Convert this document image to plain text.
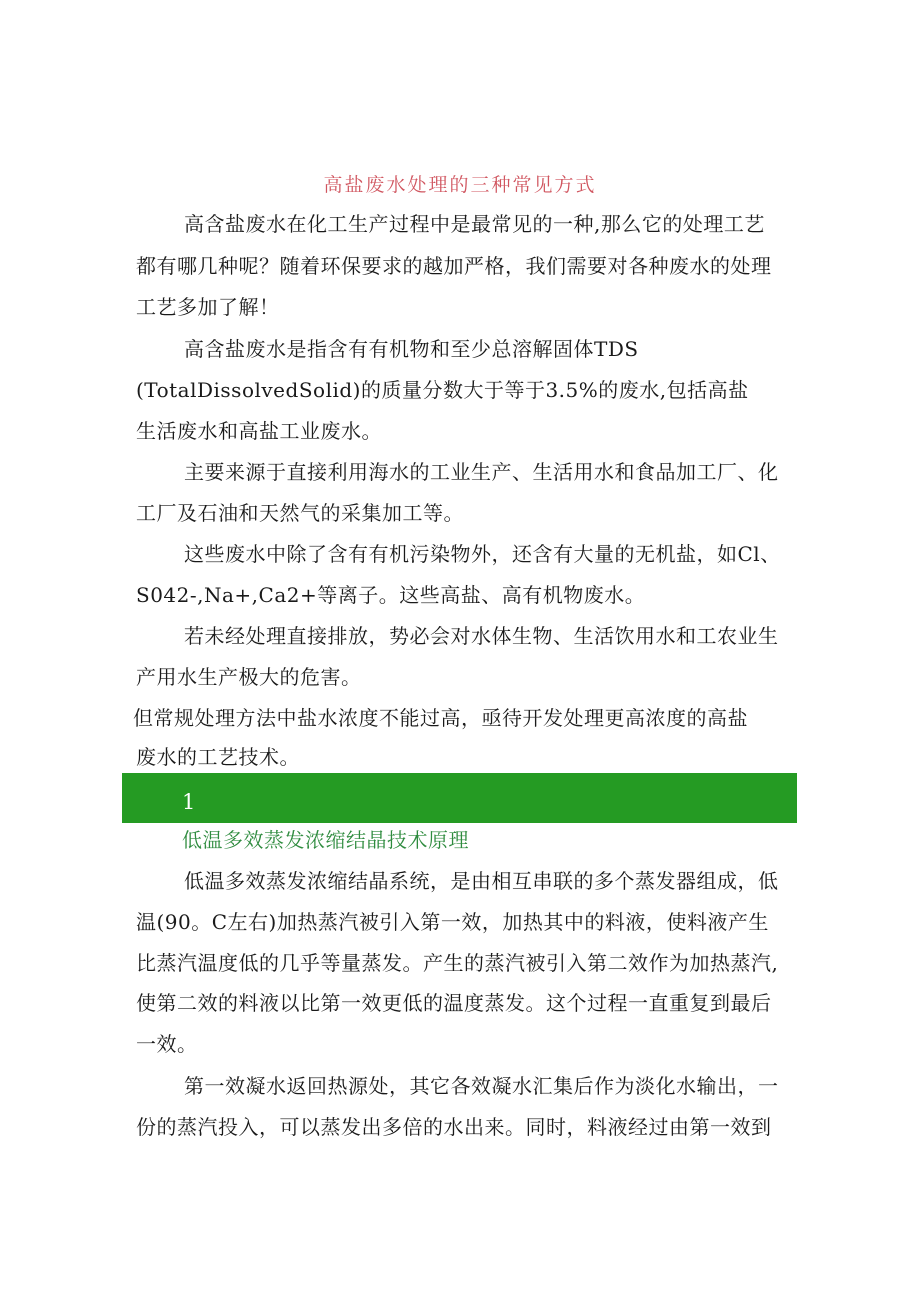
高盐废水处理的三种常见方式
高含盐废水在化工生产过程中是最常见的一种,那么它的处理工艺
都有哪几种呢？随着环保要求的越加严格，我们需要对各种废水的处理
工艺多加了解！
高含盐废水是指含有有机物和至少总溶解固体TDS
(TotalDissolvedSolid)的质量分数大于等于3.5%的废水,包括高盐
生活废水和高盐工业废水。
主要来源于直接利用海水的工业生产、生活用水和食品加工厂、化
工厂及石油和天然气的采集加工等。
这些废水中除了含有有机污染物外，还含有大量的无机盐，如Cl、
S042-,Na+,Ca2+等离子。这些高盐、高有机物废水。
若未经处理直接排放，势必会对水体生物、生活饮用水和工农业生
产用水生产极大的危害。
但常规处理方法中盐水浓度不能过高，亟待开发处理更高浓度的高盐
废水的工艺技术。
1
低温多效蒸发浓缩结晶技术原理
低温多效蒸发浓缩结晶系统，是由相互串联的多个蒸发器组成，低
温(90。C左右)加热蒸汽被引入第一效，加热其中的料液，使料液产生
比蒸汽温度低的几乎等量蒸发。产生的蒸汽被引入第二效作为加热蒸汽,
使第二效的料液以比第一效更低的温度蒸发。这个过程一直重复到最后
一效。
第一效凝水返回热源处，其它各效凝水汇集后作为淡化水输出，一
份的蒸汽投入，可以蒸发出多倍的水出来。同时，料液经过由第一效到
